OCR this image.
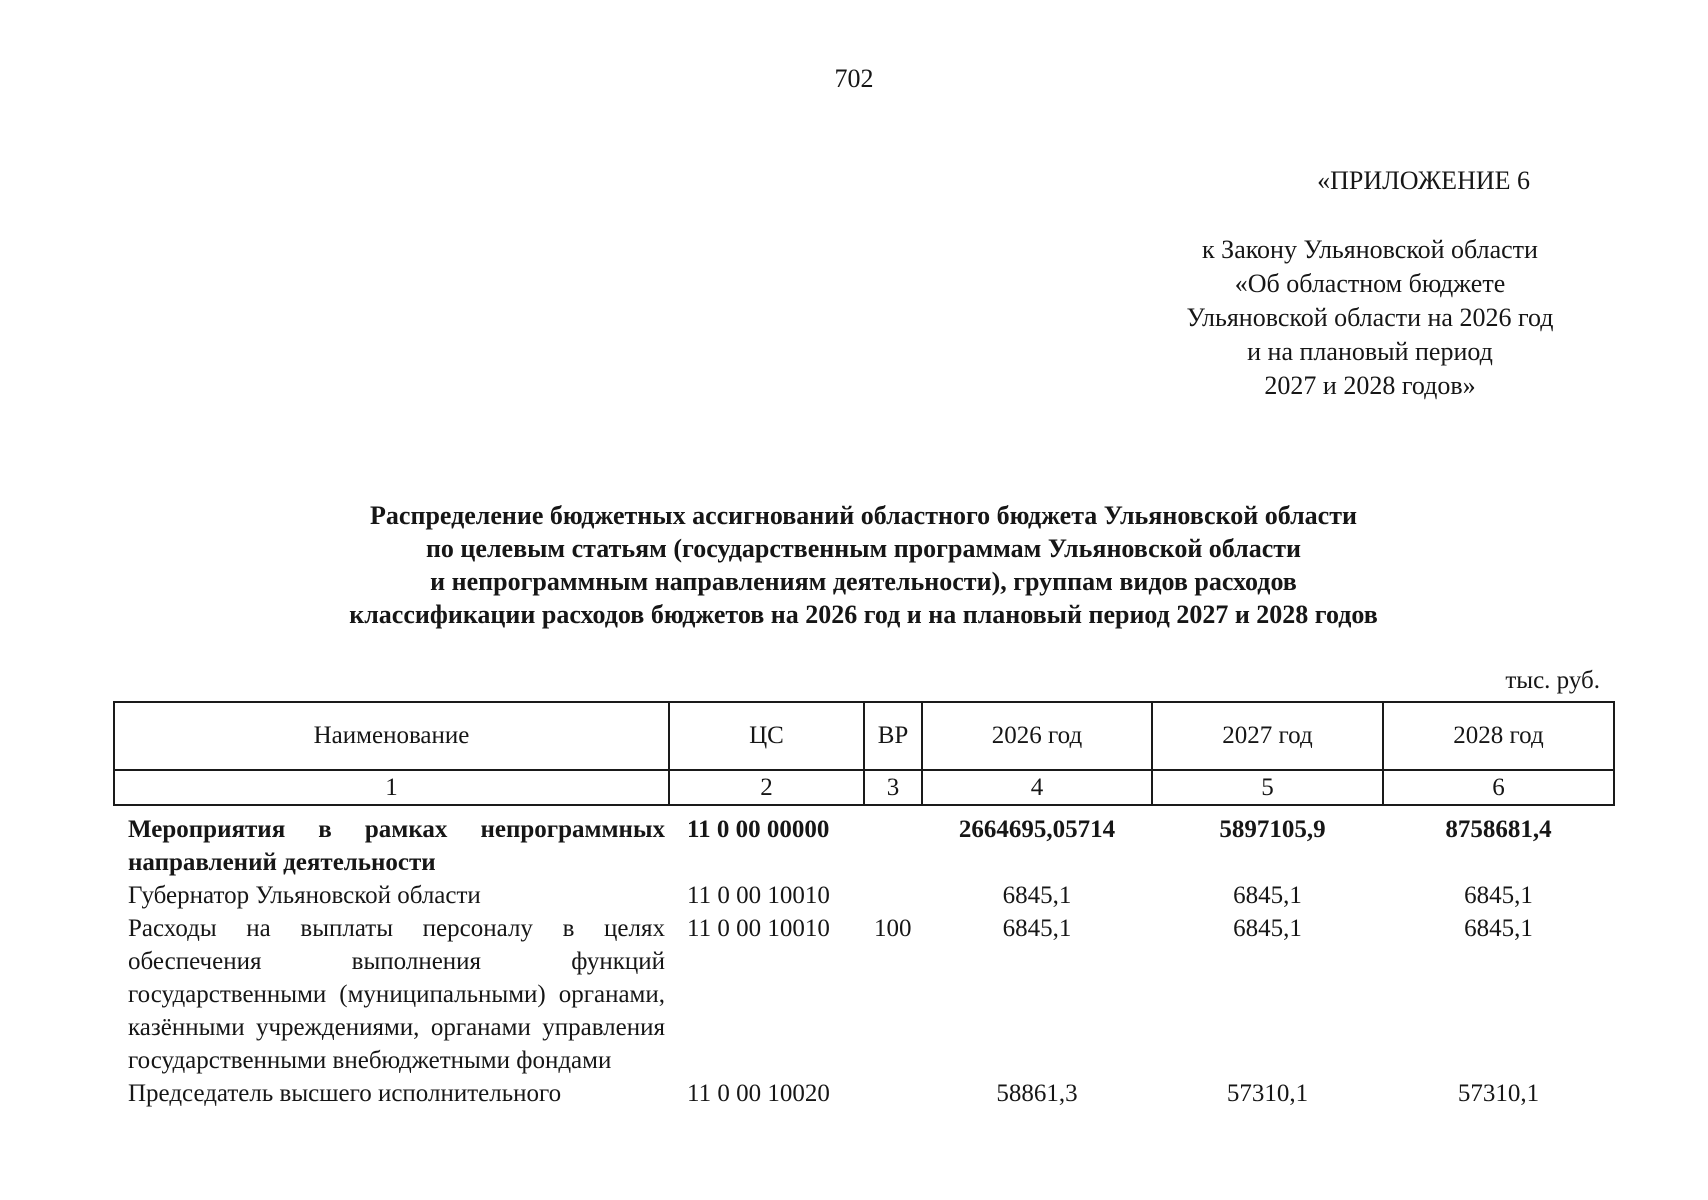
702
«ПРИЛОЖЕНИЕ 6
к Закону Ульяновской области
«Об областном бюджете
Ульяновской области на 2026 год
и на плановый период
2027 и 2028 годов»
Распределение бюджетных ассигнований областного бюджета Ульяновской области
по целевым статьям (государственным программам Ульяновской области
и непрограммным направлениям деятельности), группам видов расходов
классификации расходов бюджетов на 2026 год и на плановый период 2027 и 2028 годов
тыс. руб.
Наименование	ЦС	ВР	2026 год	2027 год	2028 год
1	2	3	4	5	6
Мероприятия в рамках непрограммных направлений деятельности	11 0 00 00000		2664695,05714	5897105,9	8758681,4
Губернатор Ульяновской области	11 0 00 10010		6845,1	6845,1	6845,1
Расходы на выплаты персоналу в целях обеспечения выполнения функций государственными (муниципальными) органами, казёнными учреждениями, органами управления государственными внебюджетными фондами	11 0 00 10010	100	6845,1	6845,1	6845,1
Председатель высшего исполнительного	11 0 00 10020		58861,3	57310,1	57310,1
